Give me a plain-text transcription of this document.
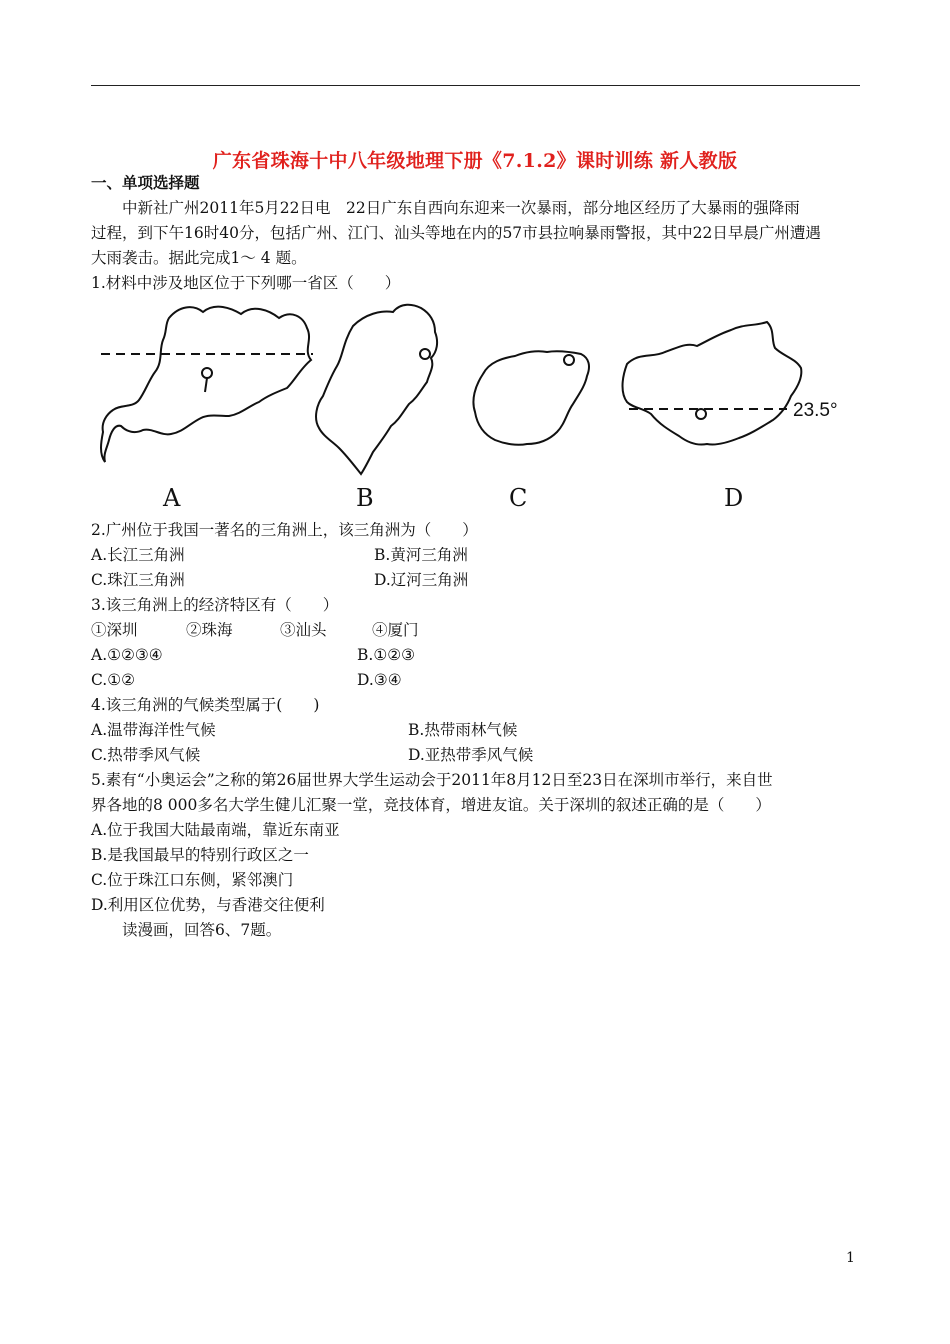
广东省珠海十中八年级地理下册《7.1.2》课时训练 新人教版
一、单项选择题
中新社广州2011年5月22日电　22日广东自西向东迎来一次暴雨，部分地区经历了大暴雨的强降雨
过程，到下午16时40分，包括广州、江门、汕头等地在内的57市县拉响暴雨警报，其中22日早晨广州遭遇
大雨袭击。据此完成1～ 4 题。
1.材料中涉及地区位于下列哪一省区（　　）
A	B	C
23.5°
D
2.广州位于我国一著名的三角洲上，该三角洲为（　　）
A.长江三角洲	B.黄河三角洲
C.珠江三角洲	D.辽河三角洲
3.该三角洲上的经济特区有（　　）
①深圳	②珠海	③汕头	④厦门
A.①②③④	B.①②③
C.①②	D.③④
4.该三角洲的气候类型属于(　　)
A.温带海洋性气候	B.热带雨林气候
C.热带季风气候	D.亚热带季风气候
5.素有“小奥运会”之称的第26届世界大学生运动会于2011年8月12日至23日在深圳市举行，来自世
界各地的8 000多名大学生健儿汇聚一堂，竞技体育，增进友谊。关于深圳的叙述正确的是（　　）
A.位于我国大陆最南端，靠近东南亚
B.是我国最早的特别行政区之一
C.位于珠江口东侧，紧邻澳门
D.利用区位优势，与香港交往便利
读漫画，回答6、7题。
1
